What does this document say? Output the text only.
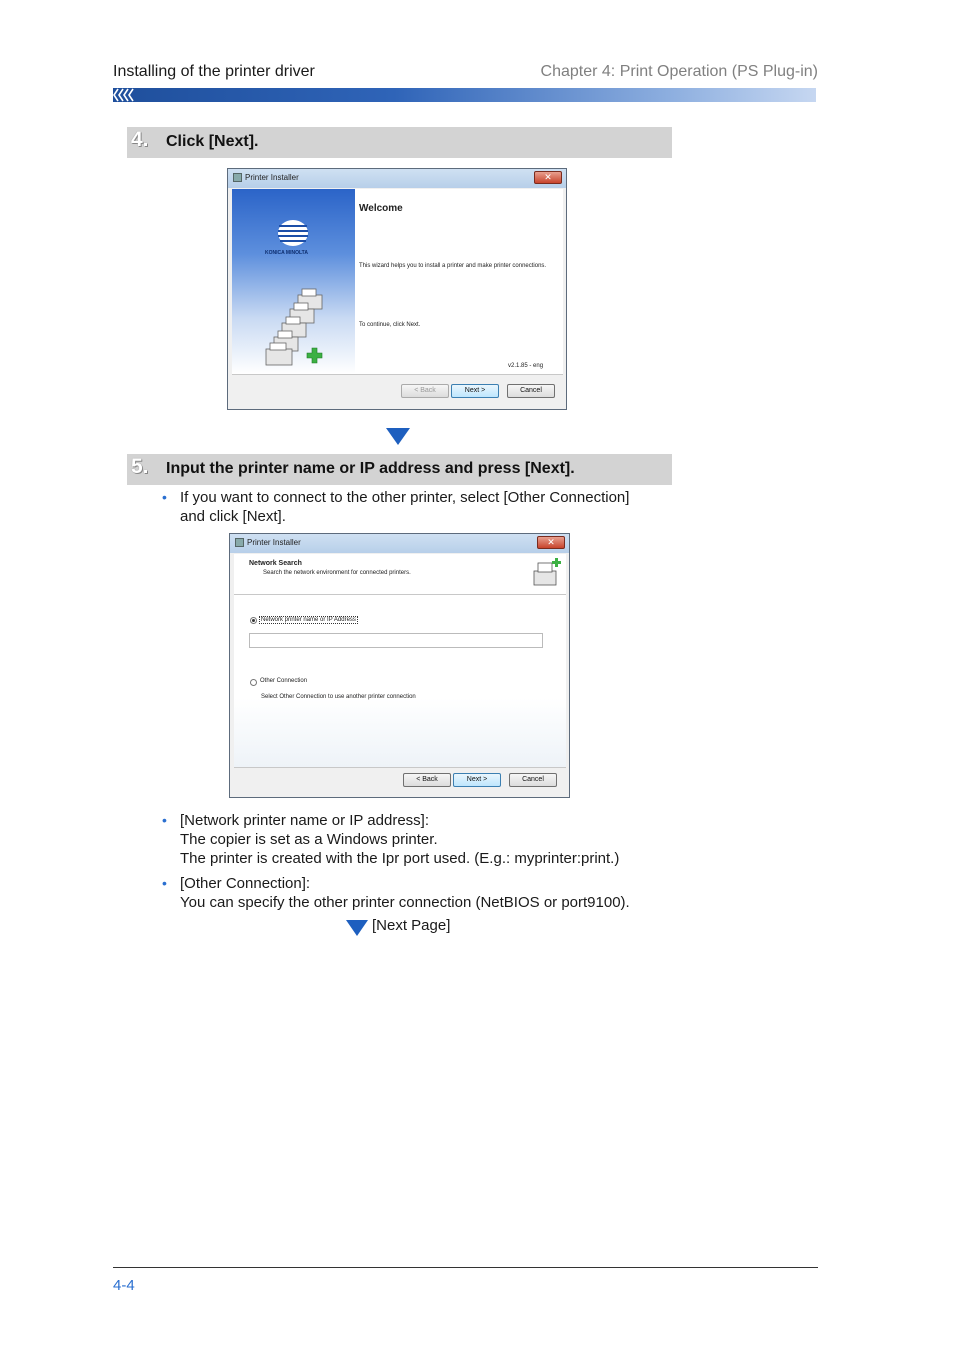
Installing of the printer driver	Chapter 4: Print Operation (PS Plug-in)
4. Click [Next].
Printer Installer	✕
KONICA MINOLTA
Welcome
This wizard helps you to install a printer and make printer connections.
To continue, click Next.
v2.1.85 - eng
< Back	Next >	Cancel
5. Input the printer name or IP address and press [Next].
• If you want to connect to the other printer, select [Other Connection]
and click [Next].
Printer Installer	✕
Network Search
Search the network environment for connected printers.
Network printer name or IP Address
Other Connection
Select Other Connection to use another printer connection
< Back	Next >	Cancel
• [Network printer name or IP address]:
The copier is set as a Windows printer.
The printer is created with the Ipr port used. (E.g.: myprinter:print.)
• [Other Connection]:
You can specify the other printer connection (NetBIOS or port9100).
[Next Page]
4-4
